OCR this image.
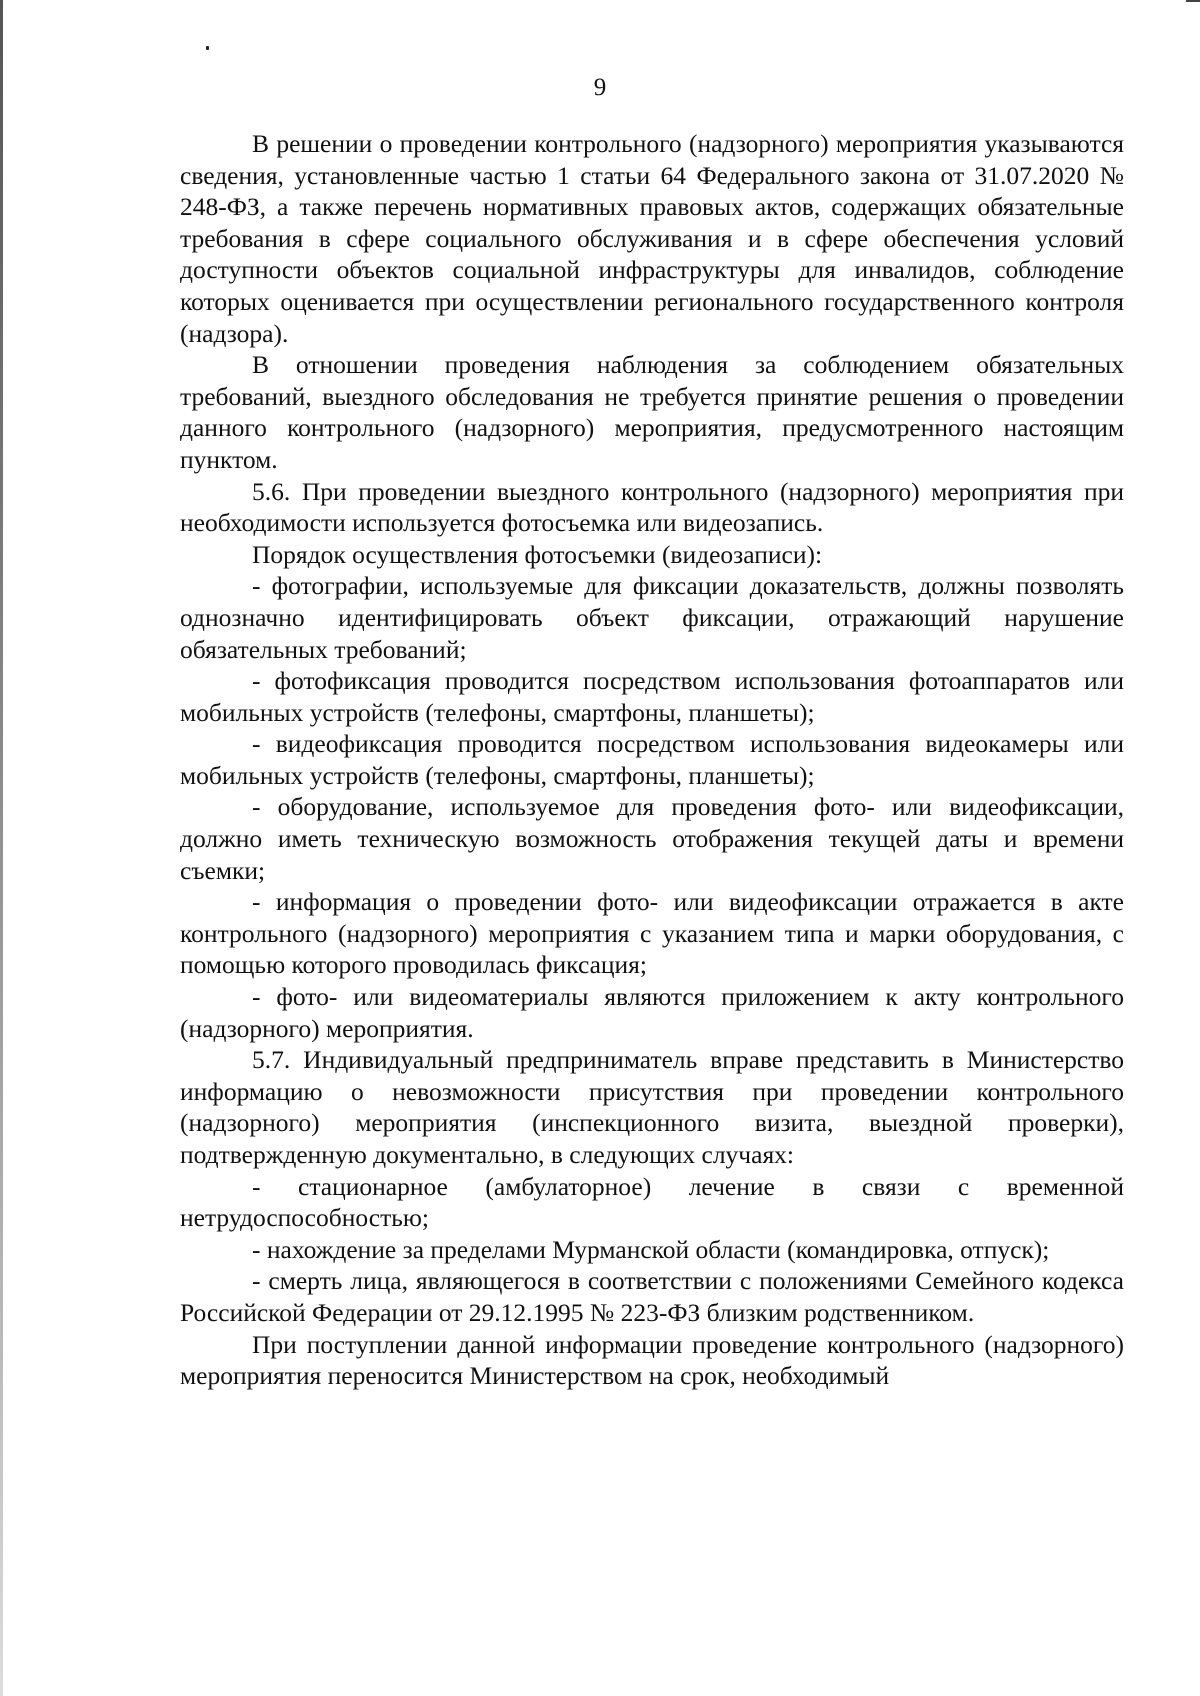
9

В решении о проведении контрольного (надзорного) мероприятия указываются сведения, установленные частью 1 статьи 64 Федерального закона от 31.07.2020 № 248-ФЗ, а также перечень нормативных правовых актов, содержащих обязательные требования в сфере социального обслуживания и в сфере обеспечения условий доступности объектов социальной инфраструктуры для инвалидов, соблюдение которых оценивается при осуществлении регионального государственного контроля (надзора).

В отношении проведения наблюдения за соблюдением обязательных требований, выездного обследования не требуется принятие решения о проведении данного контрольного (надзорного) мероприятия, предусмотренного настоящим пунктом.

5.6. При проведении выездного контрольного (надзорного) мероприятия при необходимости используется фотосъемка или видеозапись.

Порядок осуществления фотосъемки (видеозаписи):

- фотографии, используемые для фиксации доказательств, должны позволять однозначно идентифицировать объект фиксации, отражающий нарушение обязательных требований;

- фотофиксация проводится посредством использования фотоаппаратов или мобильных устройств (телефоны, смартфоны, планшеты);

- видеофиксация проводится посредством использования видеокамеры или мобильных устройств (телефоны, смартфоны, планшеты);

- оборудование, используемое для проведения фото- или видеофиксации, должно иметь техническую возможность отображения текущей даты и времени съемки;

- информация о проведении фото- или видеофиксации отражается в акте контрольного (надзорного) мероприятия с указанием типа и марки оборудования, с помощью которого проводилась фиксация;

- фото- или видеоматериалы являются приложением к акту контрольного (надзорного) мероприятия.

5.7. Индивидуальный предприниматель вправе представить в Министерство информацию о невозможности присутствия при проведении контрольного (надзорного) мероприятия (инспекционного визита, выездной проверки), подтвержденную документально, в следующих случаях:

- стационарное (амбулаторное) лечение в связи с временной нетрудоспособностью;

- нахождение за пределами Мурманской области (командировка, отпуск);

- смерть лица, являющегося в соответствии с положениями Семейного кодекса Российской Федерации от 29.12.1995 № 223-ФЗ близким родственником.

При поступлении данной информации проведение контрольного (надзорного) мероприятия переносится Министерством на срок, необходимый
